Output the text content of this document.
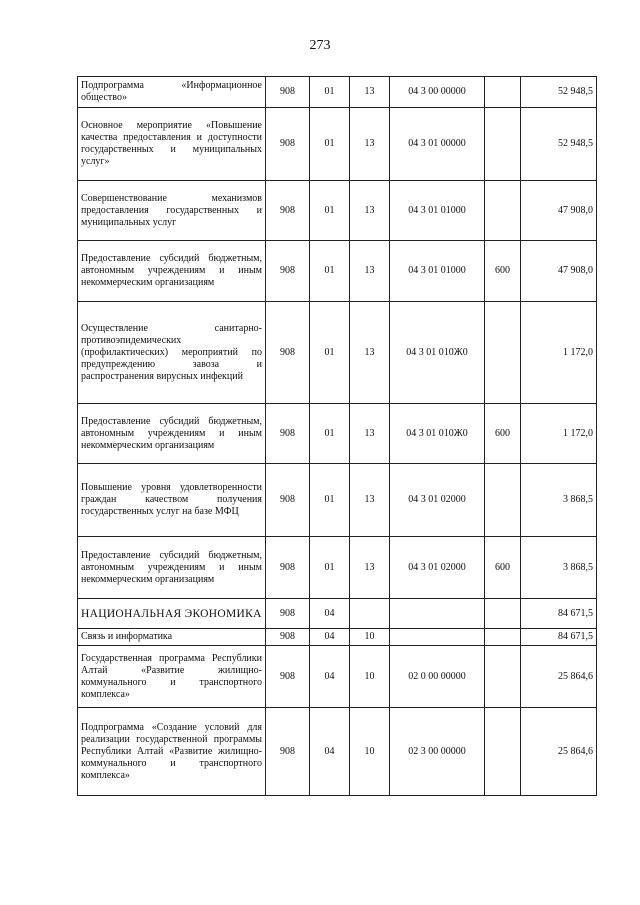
273
Подпрограмма «Информационное общество»	908	01	13	04 3 00 00000		52 948,5
Основное мероприятие «Повышение качества предоставления и доступности государственных и муниципальных услуг»	908	01	13	04 3 01 00000		52 948,5
Совершенствование механизмов предоставления государственных и муниципальных услуг	908	01	13	04 3 01 01000		47 908,0
Предоставление субсидий бюджетным, автономным учреждениям и иным некоммерческим организациям	908	01	13	04 3 01 01000	600	47 908,0
Осуществление санитарно-противоэпидемических (профилактических) мероприятий по предупреждению завоза и распространения вирусных инфекций	908	01	13	04 3 01 010Ж0		1 172,0
Предоставление субсидий бюджетным, автономным учреждениям и иным некоммерческим организациям	908	01	13	04 3 01 010Ж0	600	1 172,0
Повышение уровня удовлетворенности граждан качеством получения государственных услуг на базе МФЦ	908	01	13	04 3 01 02000		3 868,5
Предоставление субсидий бюджетным, автономным учреждениям и иным некоммерческим организациям	908	01	13	04 3 01 02000	600	3 868,5
НАЦИОНАЛЬНАЯ ЭКОНОМИКА	908	04				84 671,5
Связь и информатика	908	04	10			84 671,5
Государственная программа Республики Алтай «Развитие жилищно-коммунального и транспортного комплекса»	908	04	10	02 0 00 00000		25 864,6
Подпрограмма «Создание условий для реализации государственной программы Республики Алтай «Развитие жилищно-коммунального и транспортного комплекса»	908	04	10	02 3 00 00000		25 864,6
